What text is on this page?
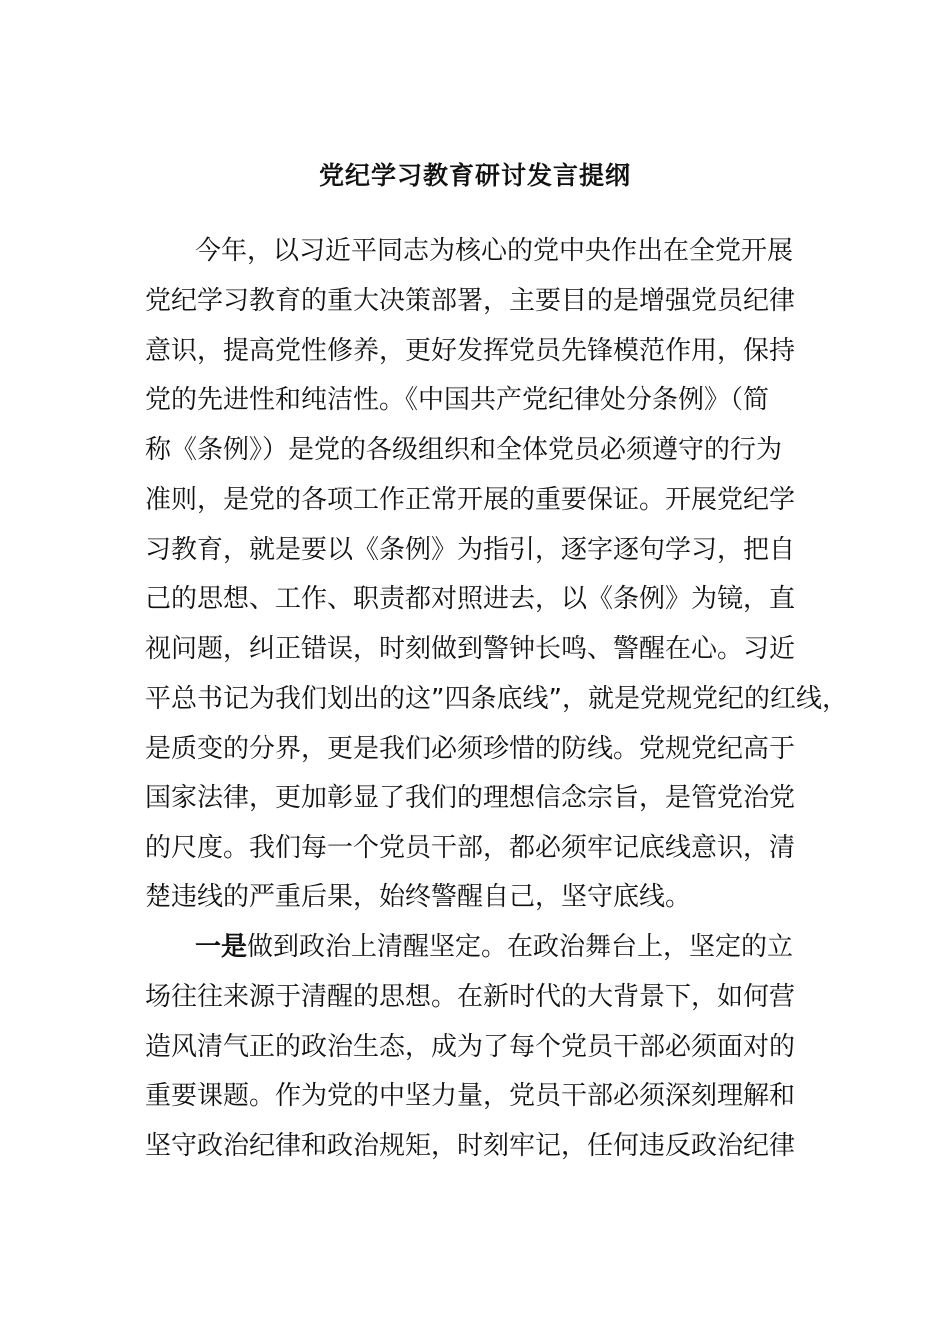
党纪学习教育研讨发言提纲
今年，以习近平同志为核心的党中央作出在全党开展
党纪学习教育的重大决策部署，主要目的是增强党员纪律
意识，提高党性修养，更好发挥党员先锋模范作用，保持
党的先进性和纯洁性。《中国共产党纪律处分条例》（简
称《条例》）是党的各级组织和全体党员必须遵守的行为
准则，是党的各项工作正常开展的重要保证。开展党纪学
习教育，就是要以《条例》为指引，逐字逐句学习，把自
己的思想、工作、职责都对照进去，以《条例》为镜，直
视问题，纠正错误，时刻做到警钟长鸣、警醒在心。习近
平总书记为我们划出的这”四条底线”，就是党规党纪的红线，
是质变的分界，更是我们必须珍惜的防线。党规党纪高于
国家法律，更加彰显了我们的理想信念宗旨，是管党治党
的尺度。我们每一个党员干部，都必须牢记底线意识，清
楚违线的严重后果，始终警醒自己，坚守底线。
一是做到政治上清醒坚定。在政治舞台上，坚定的立
场往往来源于清醒的思想。在新时代的大背景下，如何营
造风清气正的政治生态，成为了每个党员干部必须面对的
重要课题。作为党的中坚力量，党员干部必须深刻理解和
坚守政治纪律和政治规矩，时刻牢记，任何违反政治纪律
